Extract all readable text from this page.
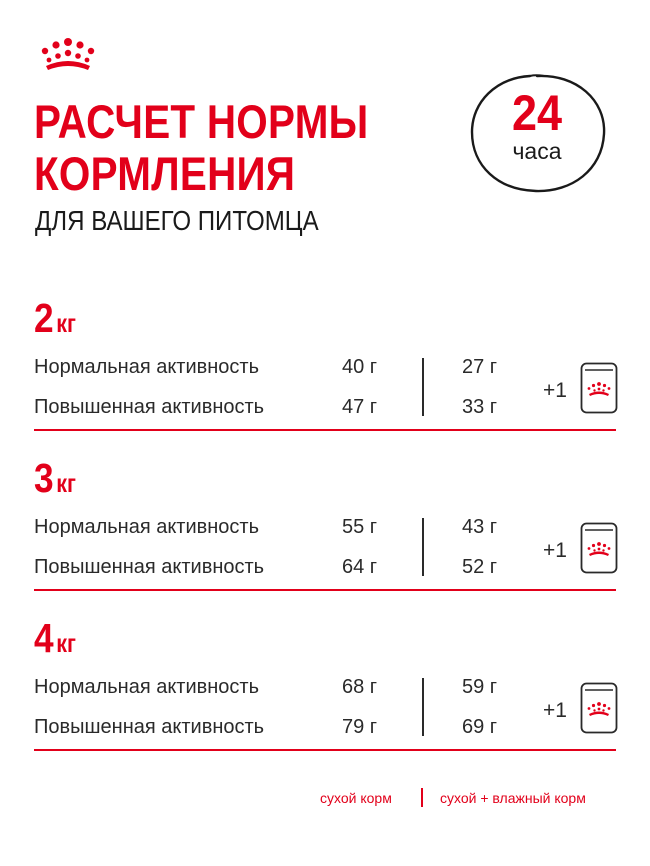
РАСЧЕТ НОРМЫ
КОРМЛЕНИЯ
ДЛЯ ВАШЕГО ПИТОМЦА
24
часа
2 кг
Нормальная активность	40 г	27 г
Повышенная активность	47 г	33 г
+1
3 кг
Нормальная активность	55 г	43 г
Повышенная активность	64 г	52 г
+1
4 кг
Нормальная активность	68 г	59 г
Повышенная активность	79 г	69 г
+1
сухой корм	сухой + влажный корм
